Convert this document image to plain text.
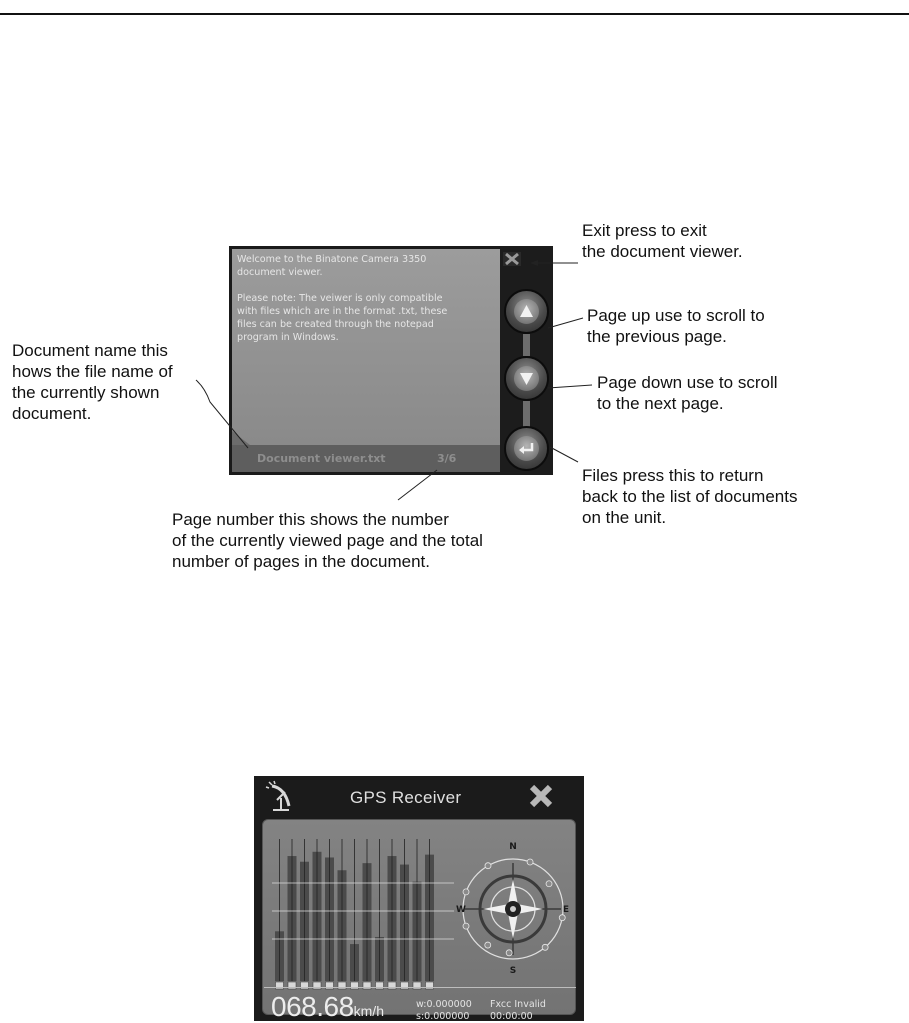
Welcome to the Binatone Camera 3350
document viewer.

Please note: The veiwer is only compatible
with files which are in the format .txt, these
files can be created through the notepad
program in Windows.

Document viewer.txt	3/6
Exit press to exit
the document viewer.
Page up use to scroll to
the previous page.
Page down use to scroll
to the next page.
Files press this to return
back to the list of documents
on the unit.
Document name this
hows the file name of
the currently shown
document.
Page number this shows the number
of the currently viewed page and the total
number of pages in the document.
GPS Receiver
N
S
E
W
068.68km/h	w:0.000000
s:0.000000
Fxcc Invalid
00:00:00
